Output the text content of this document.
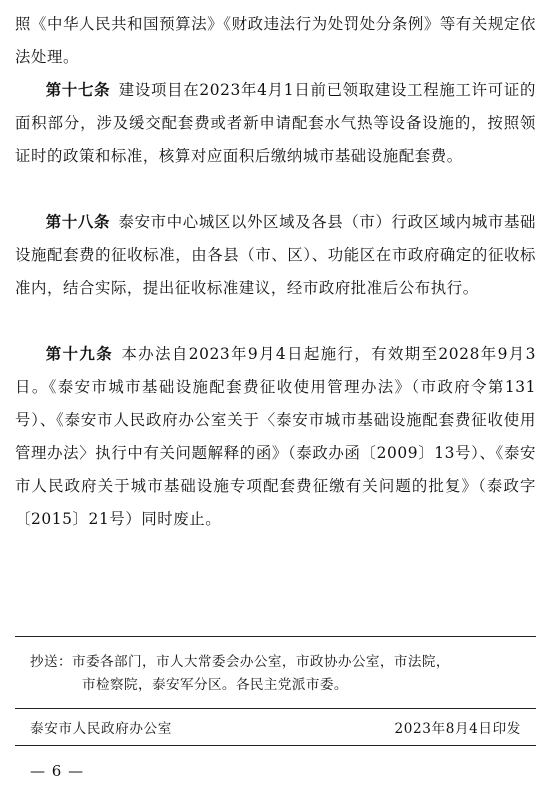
照《中华人民共和国预算法》《财政违法行为处罚处分条例》等有关规定依法处理。

第十七条 建设项目在2023年4月1日前已领取建设工程施工许可证的面积部分，涉及缓交配套费或者新申请配套水气热等设备设施的，按照领证时的政策和标准，核算对应面积后缴纳城市基础设施配套费。

第十八条 泰安市中心城区以外区域及各县（市）行政区域内城市基础设施配套费的征收标准，由各县（市、区）、功能区在市政府确定的征收标准内，结合实际，提出征收标准建议，经市政府批准后公布执行。

第十九条 本办法自2023年9月4日起施行，有效期至2028年9月3日。《泰安市城市基础设施配套费征收使用管理办法》（市政府令第131号）、《泰安市人民政府办公室关于〈泰安市城市基础设施配套费征收使用管理办法〉执行中有关问题解释的函》（泰政办函〔2009〕13号）、《泰安市人民政府关于城市基础设施专项配套费征缴有关问题的批复》（泰政字〔2015〕21号）同时废止。

抄送：市委各部门，市人大常委会办公室，市政协办公室，市法院，
市检察院，泰安军分区。各民主党派市委。
泰安市人民政府办公室	2023年8月4日印发
— 6 —
